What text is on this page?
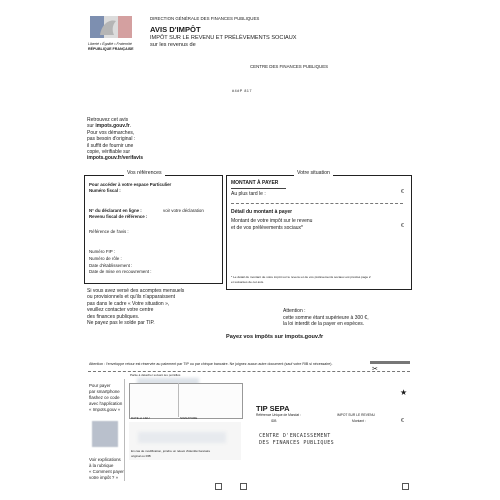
Liberté • Égalité • Fraternité
RÉPUBLIQUE FRANÇAISE
DIRECTION GÉNÉRALE DES FINANCES PUBLIQUES
AVIS D'IMPÔT
IMPÔT SUR LE REVENU ET PRÉLÈVEMENTS SOCIAUX
sur les revenus de
CENTRE DES FINANCES PUBLIQUES
#4#P 817
Retrouvez cet avis
sur impots.gouv.fr.
Pour vos démarches,
pas besoin d'original :
il suffit de fournir une
copie, vérifiable sur
impots.gouv.fr/verifavis
Vos références
Pour accéder à votre espace Particulier
Numéro fiscal :
N° du déclarant en ligne :
Revenu fiscal de référence :
voir votre déclaration
Référence de l'avis :
Numéro FIP :
Numéro de rôle :
Date d'établissement :
Date de mise en recouvrement :
Votre situation
MONTANT À PAYER
Au plus tard le :	€
Détail du montant à payer
Montant de votre impôt sur le revenu
et de vos prélèvements sociaux*	€
* Le détail du montant de votre impôt sur le revenu et de vos prélèvements sociaux est précisé page 2
et suivantes de cet avis.
Si vous avez versé des acomptes mensuels
ou provisionnels et qu'ils n'apparaissent
pas dans le cadre « Votre situation »,
veuillez contacter votre centre
des finances publiques.
Ne payez pas le solde par TIP.
Attention :
cette somme étant supérieure à 300 €,
la loi interdit de la payer en espèces.
Payez vos impôts sur impots.gouv.fr
Attention : l'enveloppe retour est réservée au paiement par TIP ou par chèque bancaire. Ne joignez aucun autre document (sauf votre RIB si nécessaire).
Partie à détacher suivant les pointillés
✂
Pour payer
par smartphone
flashez ce code
avec l'application
« Impots.gouv »
Voir explications
à la rubrique
« Comment payer
votre impôt ? »
DATE et LIEU	SIGNATURE
En cas de modification, joindre un relevé d'identité bancaire
original ou RIB
★
TIP SEPA
Référence Unique de Mandat :
IDB
IMPOT SUR LE REVENU
Montant :	€
CENTRE D'ENCAISSEMENT
DES FINANCES PUBLIQUES
